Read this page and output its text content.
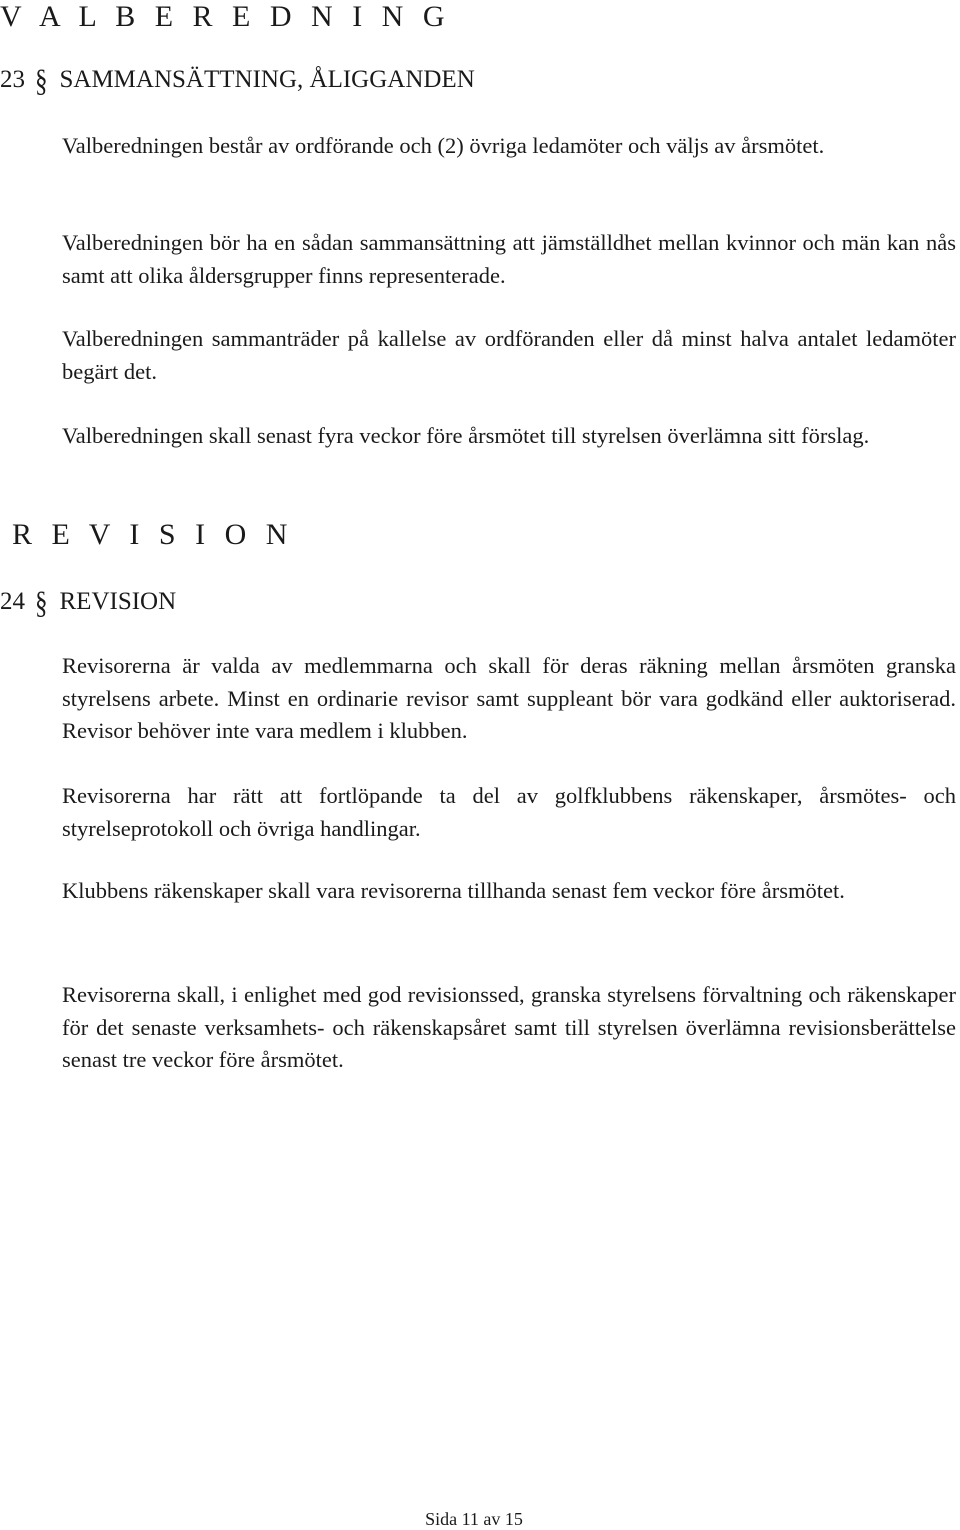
V A L B E R E D N I N G
23 § SAMMANSÄTTNING, ÅLIGGANDEN

Valberedningen består av ordförande och (2) övriga ledamöter och väljs av årsmötet.

Valberedningen bör ha en sådan sammansättning att jämställdhet mellan kvinnor och män kan nås samt att olika åldersgrupper finns representerade.

Valberedningen sammanträder på kallelse av ordföranden eller då minst halva antalet ledamöter begärt det.

Valberedningen skall senast fyra veckor före årsmötet till styrelsen överlämna sitt förslag.

R E V I S I O N
24 § REVISION

Revisorerna är valda av medlemmarna och skall för deras räkning mellan årsmöten granska styrelsens arbete. Minst en ordinarie revisor samt suppleant bör vara godkänd eller auktoriserad. Revisor behöver inte vara medlem i klubben.

Revisorerna har rätt att fortlöpande ta del av golfklubbens räkenskaper, årsmötes- och styrelseprotokoll och övriga handlingar.

Klubbens räkenskaper skall vara revisorerna tillhanda senast fem veckor före årsmötet.

Revisorerna skall, i enlighet med god revisionssed, granska styrelsens förvaltning och räkenskaper för det senaste verksamhets- och räkenskapsåret samt till styrelsen överlämna revisionsberättelse senast tre veckor före årsmötet.

Sida 11 av 15
